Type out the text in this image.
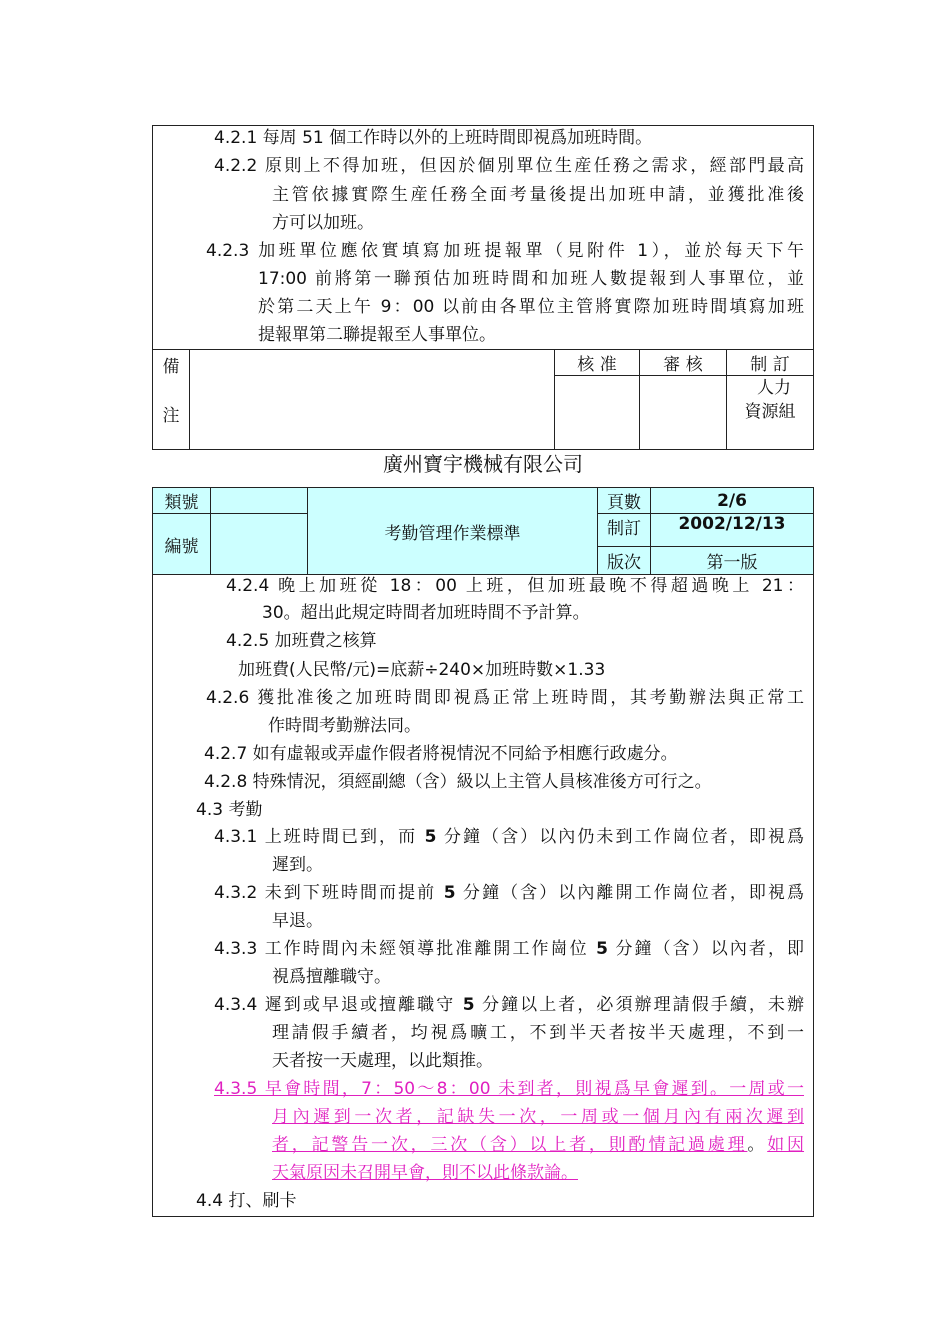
4.2.1 每周 51 個工作時以外的上班時間即視爲加班時間。
4.2.2 原則上不得加班，但因於個別單位生産任務之需求，經部門最高
主管依據實際生産任務全面考量後提出加班申請，並獲批准後
方可以加班。
4.2.3 加班單位應依實填寫加班提報單（見附件 1），並於每天下午
17:00 前將第一聯預估加班時間和加班人數提報到人事單位，並
於第二天上午 9：00 以前由各單位主管將實際加班時間填寫加班
提報單第二聯提報至人事單位。
備
注		核 准	審 核	制 訂

				人力
資源組
廣州寶宇機械有限公司
類號		考勤管理作業標準	頁數	2/6
編號			制訂	2002/12/13
			版次	第一版
4.2.4 晚上加班從 18：00 上班，但加班最晚不得超過晚上 21：
30。超出此規定時間者加班時間不予計算。
4.2.5 加班費之核算
加班費(人民幣/元)=底薪÷240×加班時數×1.33
4.2.6 獲批准後之加班時間即視爲正常上班時間，其考勤辦法與正常工
作時間考勤辦法同。
4.2.7 如有虛報或弄虛作假者將視情況不同給予相應行政處分。
4.2.8 特殊情況，須經副總（含）級以上主管人員核准後方可行之。
4.3 考勤
4.3.1 上班時間已到，而 5 分鐘（含）以內仍未到工作崗位者，即視爲
遲到。
4.3.2 未到下班時間而提前 5 分鐘（含）以內離開工作崗位者，即視爲
早退。
4.3.3 工作時間內未經領導批准離開工作崗位 5 分鐘（含）以內者，即
視爲擅離職守。
4.3.4 遲到或早退或擅離職守 5 分鐘以上者，必須辦理請假手續，未辦
理請假手續者，均視爲曠工，不到半天者按半天處理，不到一
天者按一天處理，以此類推。
4.3.5 早會時間，7：50～8：00 未到者，則視爲早會遲到。一周或一
月內遲到一次者，記缺失一次，一周或一個月內有兩次遲到
者，記警告一次，三次（含）以上者，則酌情記過處理。如因
天氣原因未召開早會，則不以此條款論。
4.4 打、刷卡
